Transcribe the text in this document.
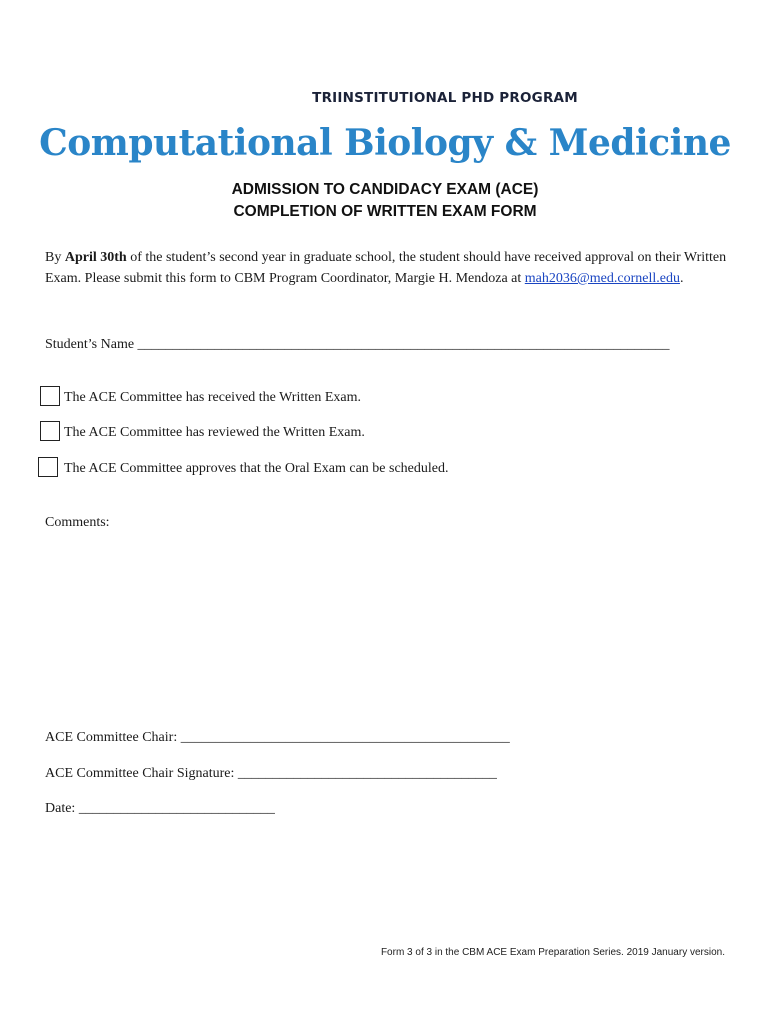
TRIINSTITUTIONAL PHD PROGRAM
Computational Biology & Medicine
ADMISSION TO CANDIDACY EXAM (ACE)
COMPLETION OF WRITTEN EXAM FORM
By April 30th of the student’s second year in graduate school, the student should have received approval on their Written Exam. Please submit this form to CBM Program Coordinator, Margie H. Mendoza at mah2036@med.cornell.edu.
Student’s Name ____________________________________________________________________________
The ACE Committee has received the Written Exam.
The ACE Committee has reviewed the Written Exam.
The ACE Committee approves that the Oral Exam can be scheduled.
Comments:
ACE Committee Chair: _______________________________________________
ACE Committee Chair Signature: _____________________________________
Date: ____________________________
Form 3 of 3 in the CBM ACE Exam Preparation Series. 2019 January version.
